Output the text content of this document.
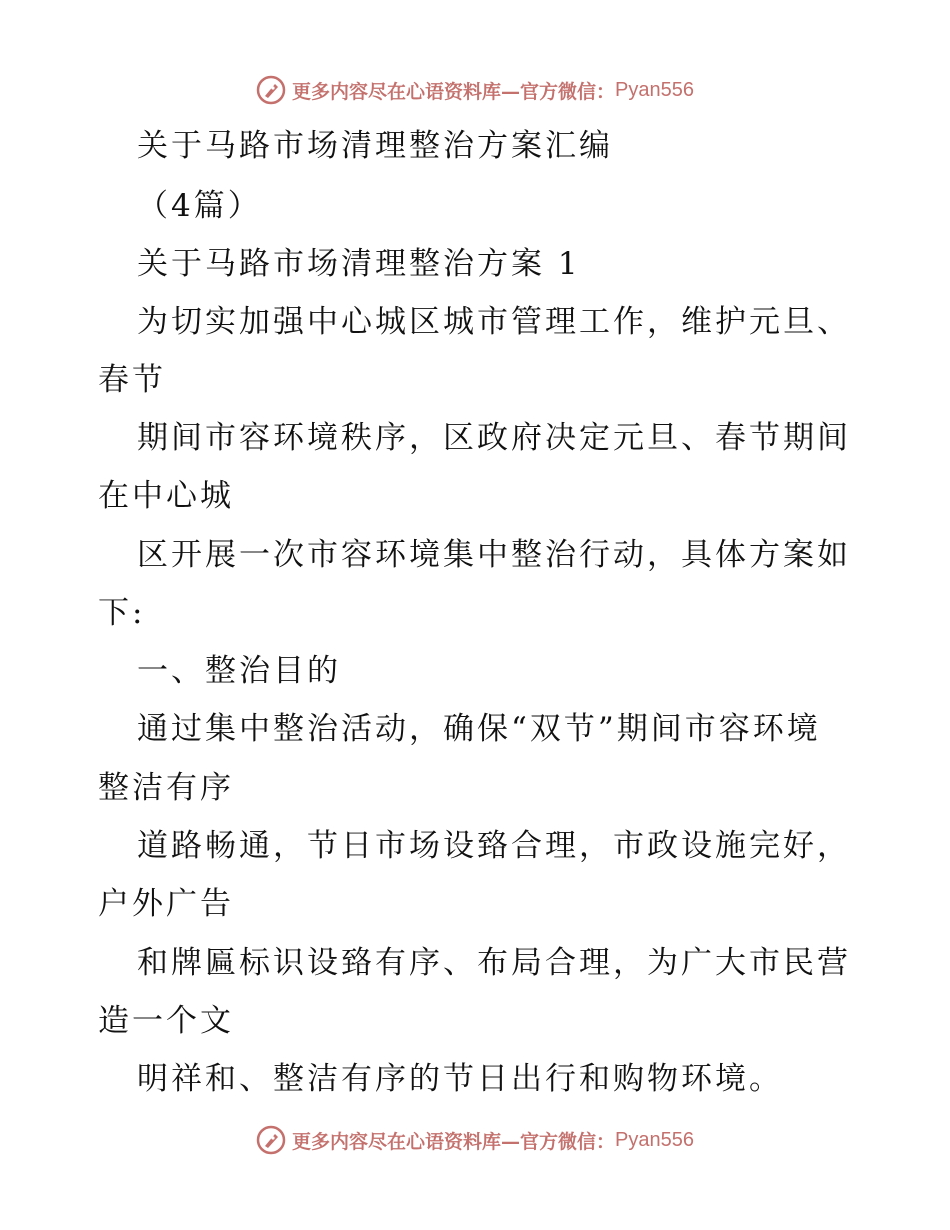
更多内容尽在心语资料库—官方微信： Pyan556
关于马路市场清理整治方案汇编
（4篇）
关于马路市场清理整治方案 1
为切实加强中心城区城市管理工作，维护元旦、
春节
期间市容环境秩序，区政府决定元旦、春节期间
在中心城
区开展一次市容环境集中整治行动，具体方案如
下:
一、整治目的
通过集中整治活动，确保“双节”期间市容环境
整洁有序
道路畅通，节日市场设臵合理，市政设施完好，
户外广告
和牌匾标识设臵有序、布局合理，为广大市民营
造一个文
明祥和、整洁有序的节日出行和购物环境。
更多内容尽在心语资料库—官方微信： Pyan556
